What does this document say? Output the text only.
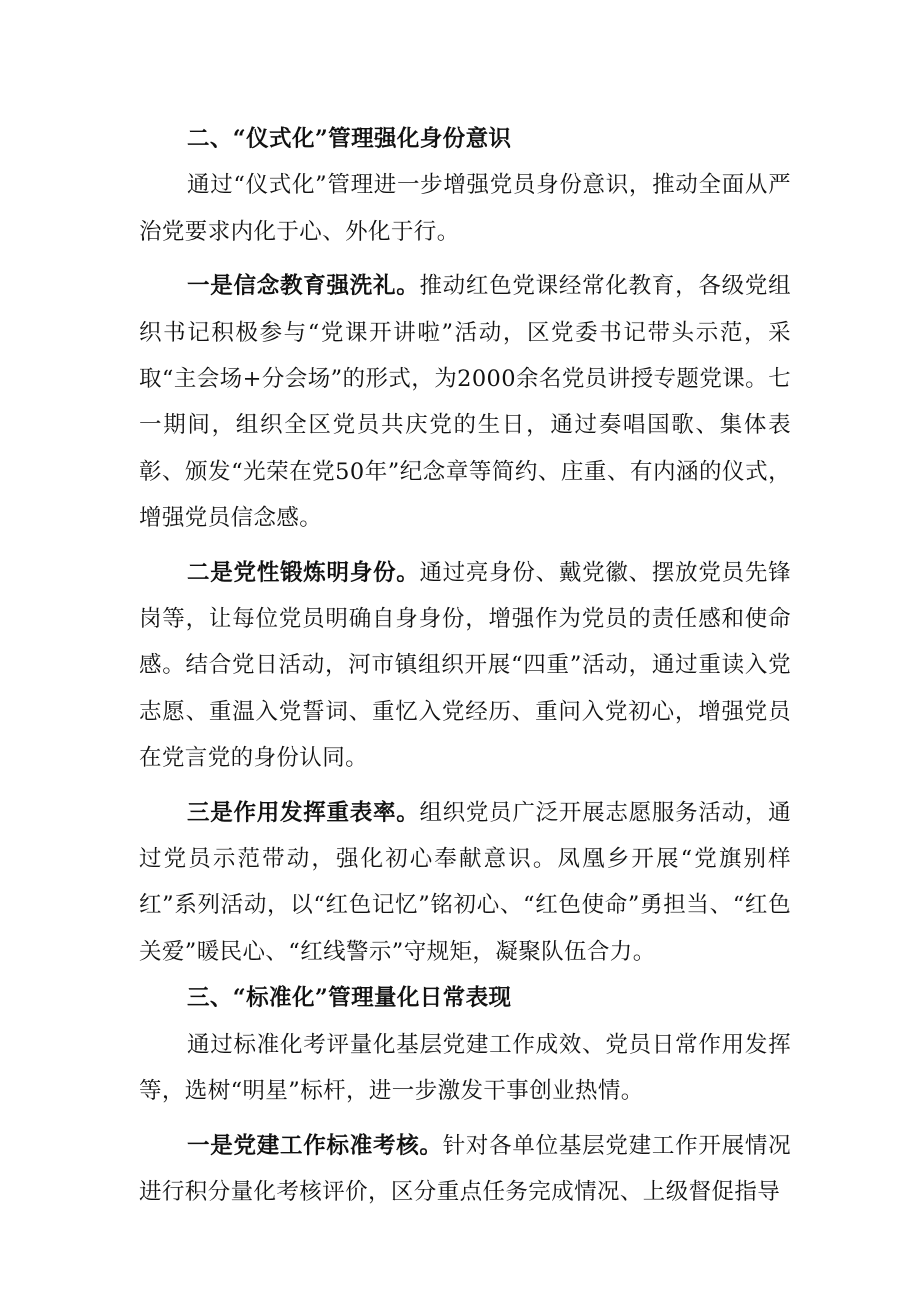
二、“仪式化”管理强化身份意识

通过“仪式化”管理进一步增强党员身份意识，推动全面从严治党要求内化于心、外化于行。

一是信念教育强洗礼。推动红色党课经常化教育，各级党组织书记积极参与“党课开讲啦”活动，区党委书记带头示范，采取“主会场+分会场”的形式，为2000余名党员讲授专题党课。七一期间，组织全区党员共庆党的生日，通过奏唱国歌、集体表彰、颁发“光荣在党50年”纪念章等简约、庄重、有内涵的仪式，增强党员信念感。

二是党性锻炼明身份。通过亮身份、戴党徽、摆放党员先锋岗等，让每位党员明确自身身份，增强作为党员的责任感和使命感。结合党日活动，河市镇组织开展“四重”活动，通过重读入党志愿、重温入党誓词、重忆入党经历、重问入党初心，增强党员在党言党的身份认同。

三是作用发挥重表率。组织党员广泛开展志愿服务活动，通过党员示范带动，强化初心奉献意识。凤凰乡开展“党旗别样红”系列活动，以“红色记忆”铭初心、“红色使命”勇担当、“红色关爱”暖民心、“红线警示”守规矩，凝聚队伍合力。

三、“标准化”管理量化日常表现

通过标准化考评量化基层党建工作成效、党员日常作用发挥等，选树“明星”标杆，进一步激发干事创业热情。

一是党建工作标准考核。针对各单位基层党建工作开展情况进行积分量化考核评价，区分重点任务完成情况、上级督促指导
